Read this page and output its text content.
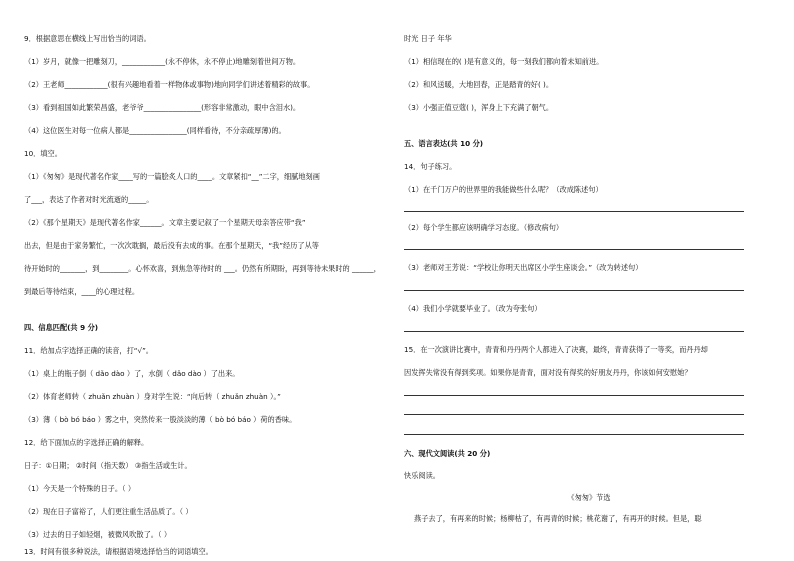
9．根据意思在横线上写出恰当的词语。
（1）岁月，就像一把雕刻刀，____________(永不停休，永不停止)地雕刻着世间万物。
（2）王老师____________(很有兴趣地看着一样物体或事物)地向同学们讲述着精彩的故事。
（3）看到祖国如此繁荣昌盛，老爷爷________________(形容非常激动，眼中含泪水)。
（4）这位医生对每一位病人都是________________(同样看待，不分亲疏厚薄)的。
10．填空。
（1）《匆匆》是现代著名作家____写的一篇脍炙人口的____。文章紧扣“__”二字，细腻地刻画
了___，表达了作者对时光流逝的_____。
（2）《那个星期天》是现代著名作家______。文章主要记叙了一个星期天母亲答应带“我”
出去，但是由于家务繁忙，一次次耽搁，最后没有去成的事。在那个星期天，“我”经历了从等
待开始时的_______，到________。心怀欢喜，到焦急等待时的 ___。仍然有所期盼，再到等待未果时的 ______，
到最后等待结束，____的心理过程。
四、信息匹配(共 9 分)
11．给加点字选择正确的读音，打“√”。
（1）桌上的瓶子倒（ dǎo dào ）了，水倒（ dǎo dào ）了出来。
（2）体育老师转（ zhuǎn zhuàn ）身对学生说：“向后转（ zhuǎn zhuàn ）。”
（3）薄（ bò bó báo ）雾之中，突然传来一股淡淡的薄（ bò bó báo ）荷的香味。
12．给下面加点的字选择正确的解释。
日子：①日期； ②时间（指天数） ③指生活或生计。
（1）今天是一个特殊的日子。（ ）
（2）现在日子富裕了，人们更注重生活品质了。（ ）
（3）过去的日子如轻烟，被微风吹散了。（ ）
13．时间有很多种说法，请根据语境选择恰当的词语填空。
时光 日子 年华
（1）相信现在的( )是有意义的，每一刻我们都向着未知前进。
（2）和风送暖，大地回春，正是踏青的好( )。
（3）小强正值豆蔻( )，浑身上下充满了朝气。
五、语言表达(共 10 分)
14．句子练习。
（1）在千门万户的世界里的我能做些什么呢？（改成陈述句）
（2）每个学生都应该明确学习态度。（修改病句）
（3）老师对王芳说：“学校让你明天出席区小学生座谈会。”（改为转述句）
（4）我们小学就要毕业了。（改为夸张句）
15．在一次演讲比赛中，青青和丹丹两个人都进入了决赛，最终，青青获得了一等奖，而丹丹却
因发挥失常没有得到奖项。如果你是青青，面对没有得奖的好朋友丹丹，你该如何安慰她？
六、现代文阅读(共 20 分)
快乐阅读。
《匆匆》节选
燕子去了，有再来的时候；杨柳枯了，有再青的时候；桃花谢了，有再开的时候。但是，聪
